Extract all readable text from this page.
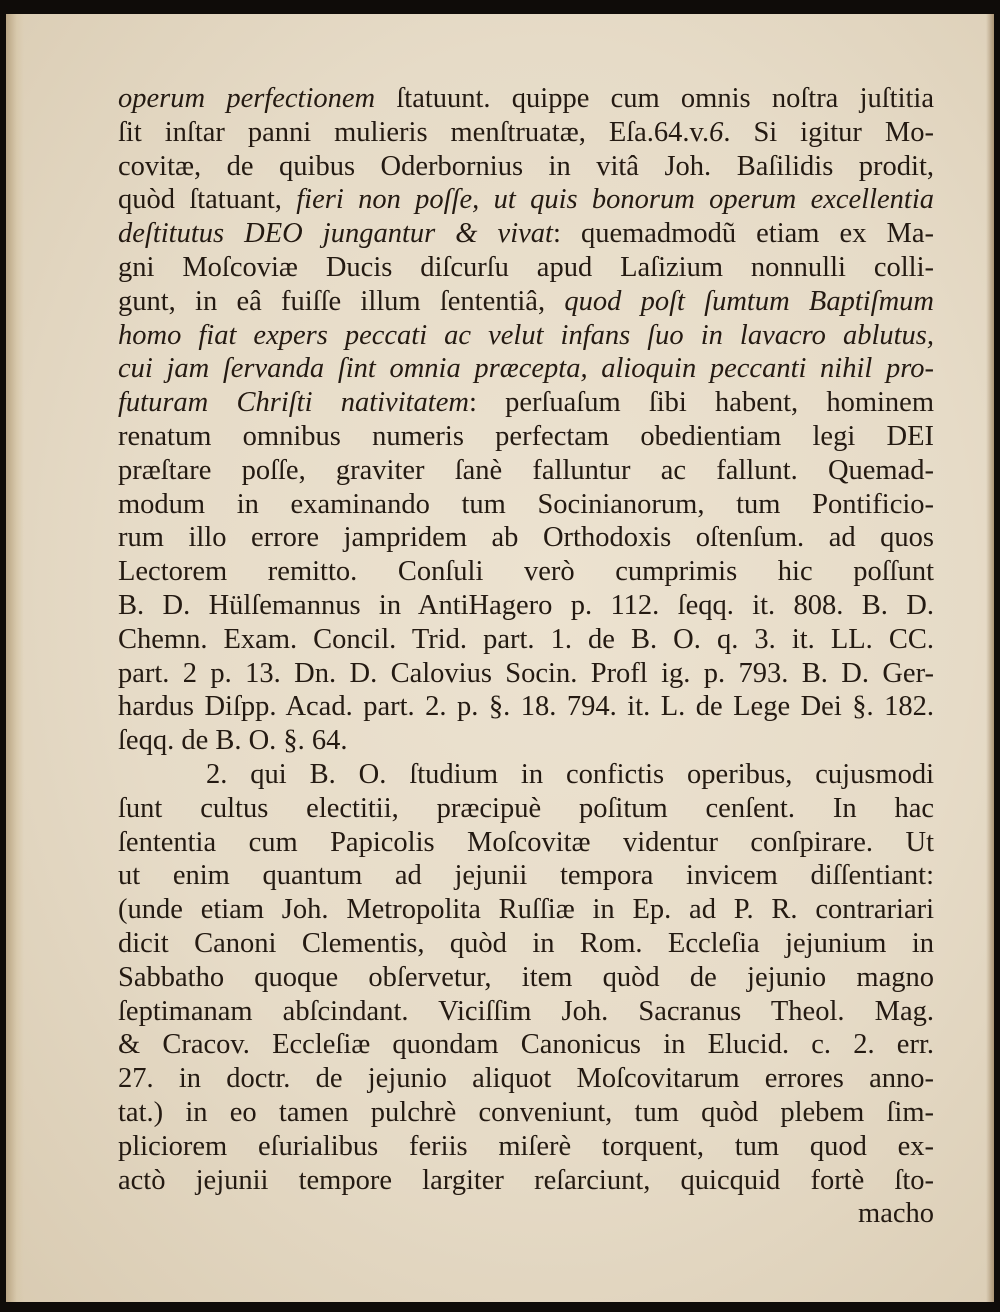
operum perfectionem ſtatuunt. quippe cum omnis noſtra juſtitia
ſit inſtar panni mulieris menſtruatæ, Eſa.64.v.6. Si igitur Mo-
covitæ, de quibus Oderbornius in vitâ Joh. Baſilidis prodit,
quòd ſtatuant, fieri non poſſe, ut quis bonorum operum excellentia
deſtitutus DEO jungantur & vivat: quemadmodũ etiam ex Ma-
gni Moſcoviæ Ducis diſcurſu apud Laſizium nonnulli colli-
gunt, in eâ fuiſſe illum ſententiâ, quod poſt ſumtum Baptiſmum
homo fiat expers peccati ac velut infans ſuo in lavacro ablutus,
cui jam ſervanda ſint omnia præcepta, alioquin peccanti nihil pro-
futuram Chriſti nativitatem: perſuaſum ſibi habent, hominem
renatum omnibus numeris perfectam obedientiam legi DEI
præſtare poſſe, graviter ſanè falluntur ac fallunt. Quemad-
modum in examinando tum Socinianorum, tum Pontificio-
rum illo errore jampridem ab Orthodoxis oſtenſum. ad quos
Lectorem remitto. Conſuli verò cumprimis hic poſſunt
B. D. Hülſemannus in AntiHagero p. 112. ſeqq. it. 808. B. D.
Chemn. Exam. Concil. Trid. part. 1. de B. O. q. 3. it. LL. CC.
part. 2 p. 13. Dn. D. Calovius Socin. Profl ig. p. 793. B. D. Ger-
hardus Diſpp. Acad. part. 2. p. §. 18. 794. it. L. de Lege Dei §. 182.
ſeqq. de B. O. §. 64.
2. qui B. O. ſtudium in confictis operibus, cujusmodi
ſunt cultus electitii, præcipuè poſitum cenſent. In hac
ſententia cum Papicolis Moſcovitæ videntur conſpirare. Ut
ut enim quantum ad jejunii tempora invicem diſſentiant:
(unde etiam Joh. Metropolita Ruſſiæ in Ep. ad P. R. contrariari
dicit Canoni Clementis, quòd in Rom. Eccleſia jejunium in
Sabbatho quoque obſervetur, item quòd de jejunio magno
ſeptimanam abſcindant. Viciſſim Joh. Sacranus Theol. Mag.
& Cracov. Eccleſiæ quondam Canonicus in Elucid. c. 2. err.
27. in doctr. de jejunio aliquot Moſcovitarum errores anno-
tat.) in eo tamen pulchrè conveniunt, tum quòd plebem ſim-
pliciorem eſurialibus feriis miſerè torquent, tum quod ex-
actò jejunii tempore largiter reſarciunt, quicquid fortè ſto-
macho
